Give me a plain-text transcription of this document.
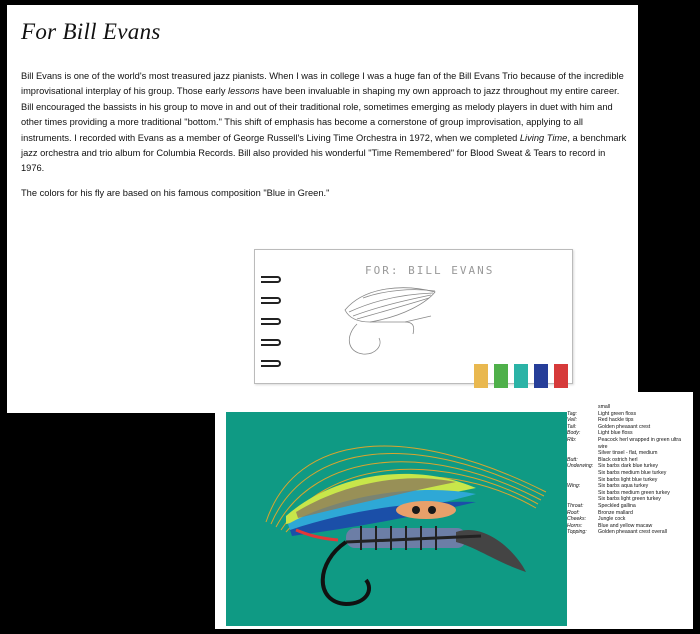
For Bill Evans

Bill Evans is one of the world's most treasured jazz pianists. When I was in college I was a huge fan of the Bill Evans Trio because of the incredible improvisational interplay of his group. Those early lessons have been invaluable in shaping my own approach to jazz throughout my entire career. Bill encouraged the bassists in his group to move in and out of their traditional role, sometimes emerging as melody players in duet with him and other times providing a more traditional "bottom." This shift of emphasis has become a cornerstone of group improvisation, applying to all instruments. I recorded with Evans as a member of George Russell's Living Time Orchestra in 1972, when we completed Living Time, a benchmark jazz orchestra and trio album for Columbia Records. Bill also provided his wonderful "Time Remembered" for Blood Sweat & Tears to record in 1976.

The colors for his fly are based on his famous composition "Blue in Green."

FOR: BILL EVANS
small
Tag:	Light green floss
Veil:	Red hackle tips
Tail:	Golden pheasant crest
Body:	Light blue floss
Rib:	Peacock herl wrapped in green ultra wire
Silver tinsel - flat, medium
Butt:	Black ostrich herl
Underwing: Six barbs dark blue turkey
Six barbs medium blue turkey
Six barbs light blue turkey
Wing:	Six barbs aqua turkey
Six barbs medium green turkey
Six barbs light green turkey
Throat:	Speckled gallina
Roof:	Bronze mallard
Cheeks:	Jungle cock
Horns:	Blue and yellow macaw
Topping:	Golden pheasant crest overall
